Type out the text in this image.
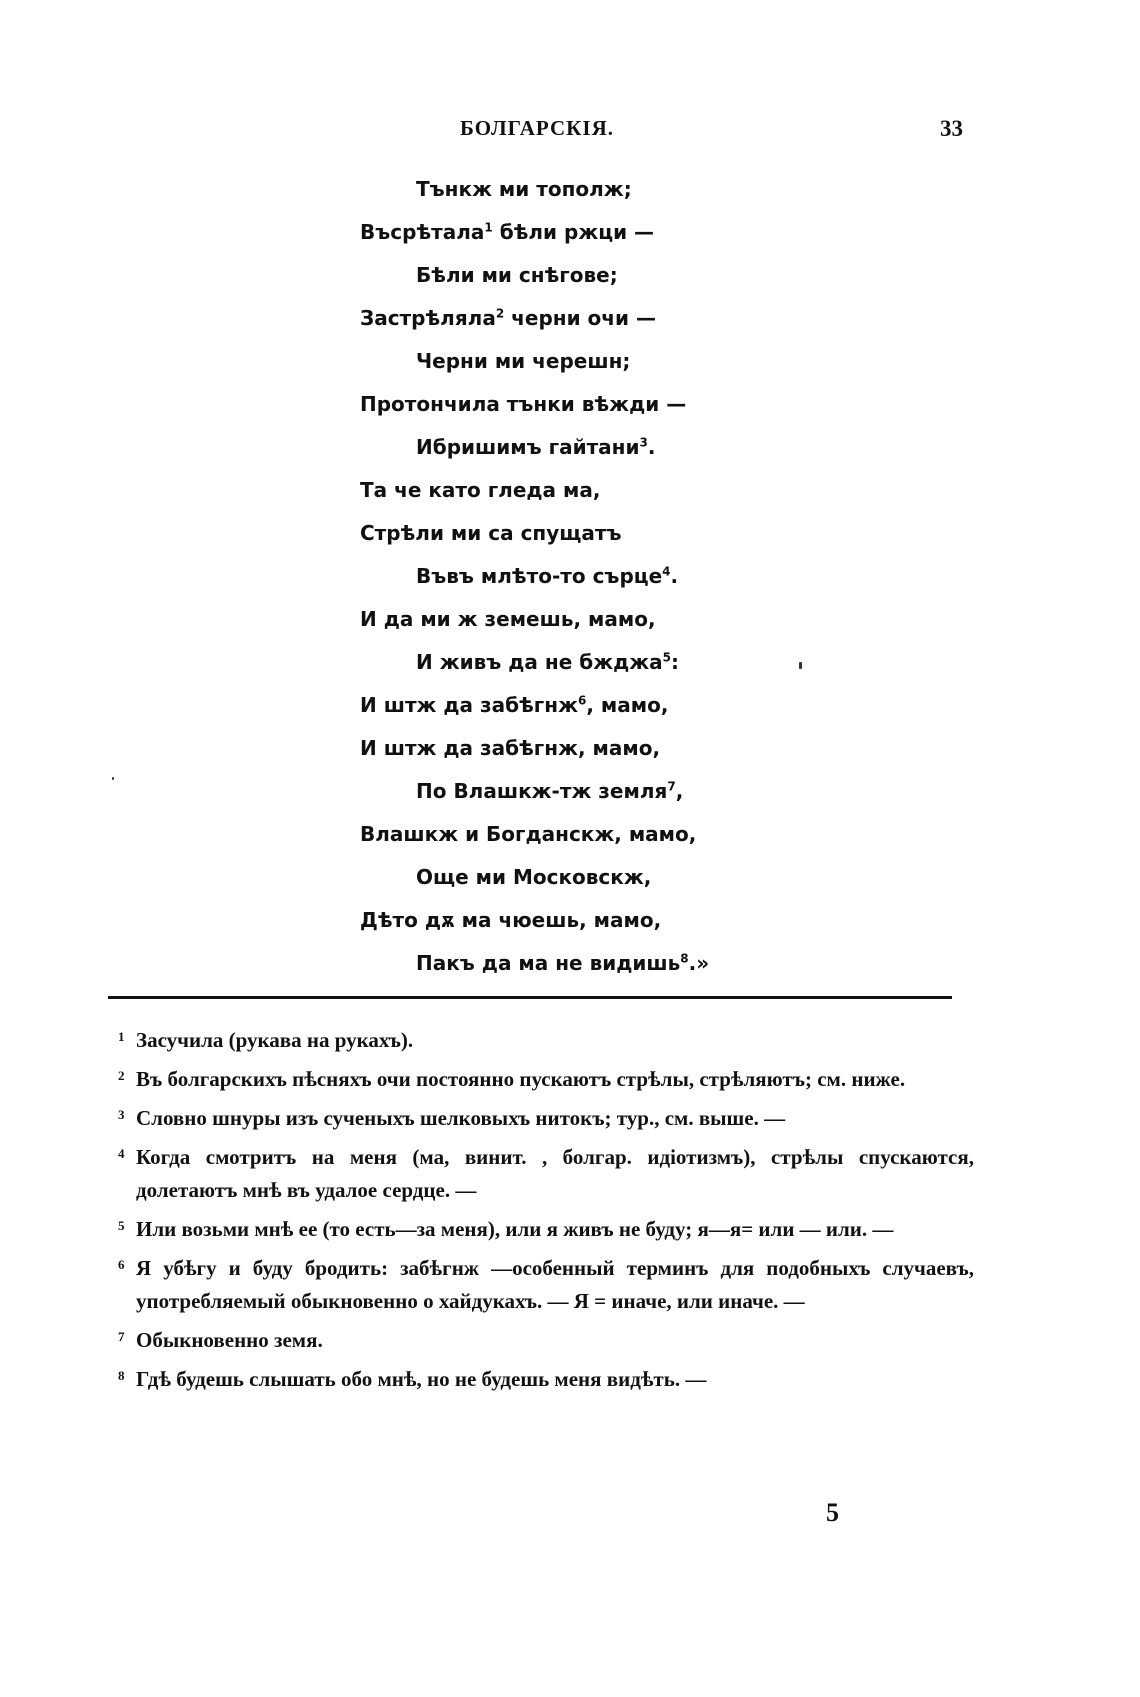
БОЛГАРСКІЯ.	33
Тънкж ми тополж;
Въсрѣтала$^1$ бѣли ржци —
Бѣли ми снѣгове;
Застрѣляла$^2$ черни очи —
Черни ми черешн;
Протончила тънки вѣжди —
Ибришимъ гайтани$^3$.
Та че като гледа ма,
Стрѣли ми са спущатъ
Въвъ млѣто-то сърце$^4$.
И да ми ж земешь, мамо,
И живъ да не бжджа$^5$:
И штж да забѣгнж$^6$, мамо,
И штж да забѣгнж, мамо,
По Влашкж-тж земля$^7$,
Влашкж и Богданскж, мамо,
Още ми Московскж,
Дѣто дѫ ма чюешь, мамо,
Пакъ да ма не видишь$^8$.»
1 Засучила (рукава на рукахъ).
2 Въ болгарскихъ пѣсняхъ очи постоянно пускаютъ стрѣлы, стрѣляютъ; см. ниже.
3 Словно шнуры изъ сученыхъ шелковыхъ нитокъ; тур., см. выше. —
4 Когда смотритъ на меня (ма, винит. , болгар. идіотизмъ), стрѣлы спускаются, долетаютъ мнѣ въ удалое сердце. —
5 Или возьми мнѣ ее (то есть—за меня), или я живъ не буду; я—я= или — или. —
6 Я убѣгу и буду бродить: забѣгнж —особенный терминъ для подобныхъ случаевъ, употребляемый обыкновенно о хайдукахъ. — Я = иначе, или иначе. —
7 Обыкновенно земя.
8 Гдѣ будешь слышать обо мнѣ, но не будешь меня видѣть. —
5
